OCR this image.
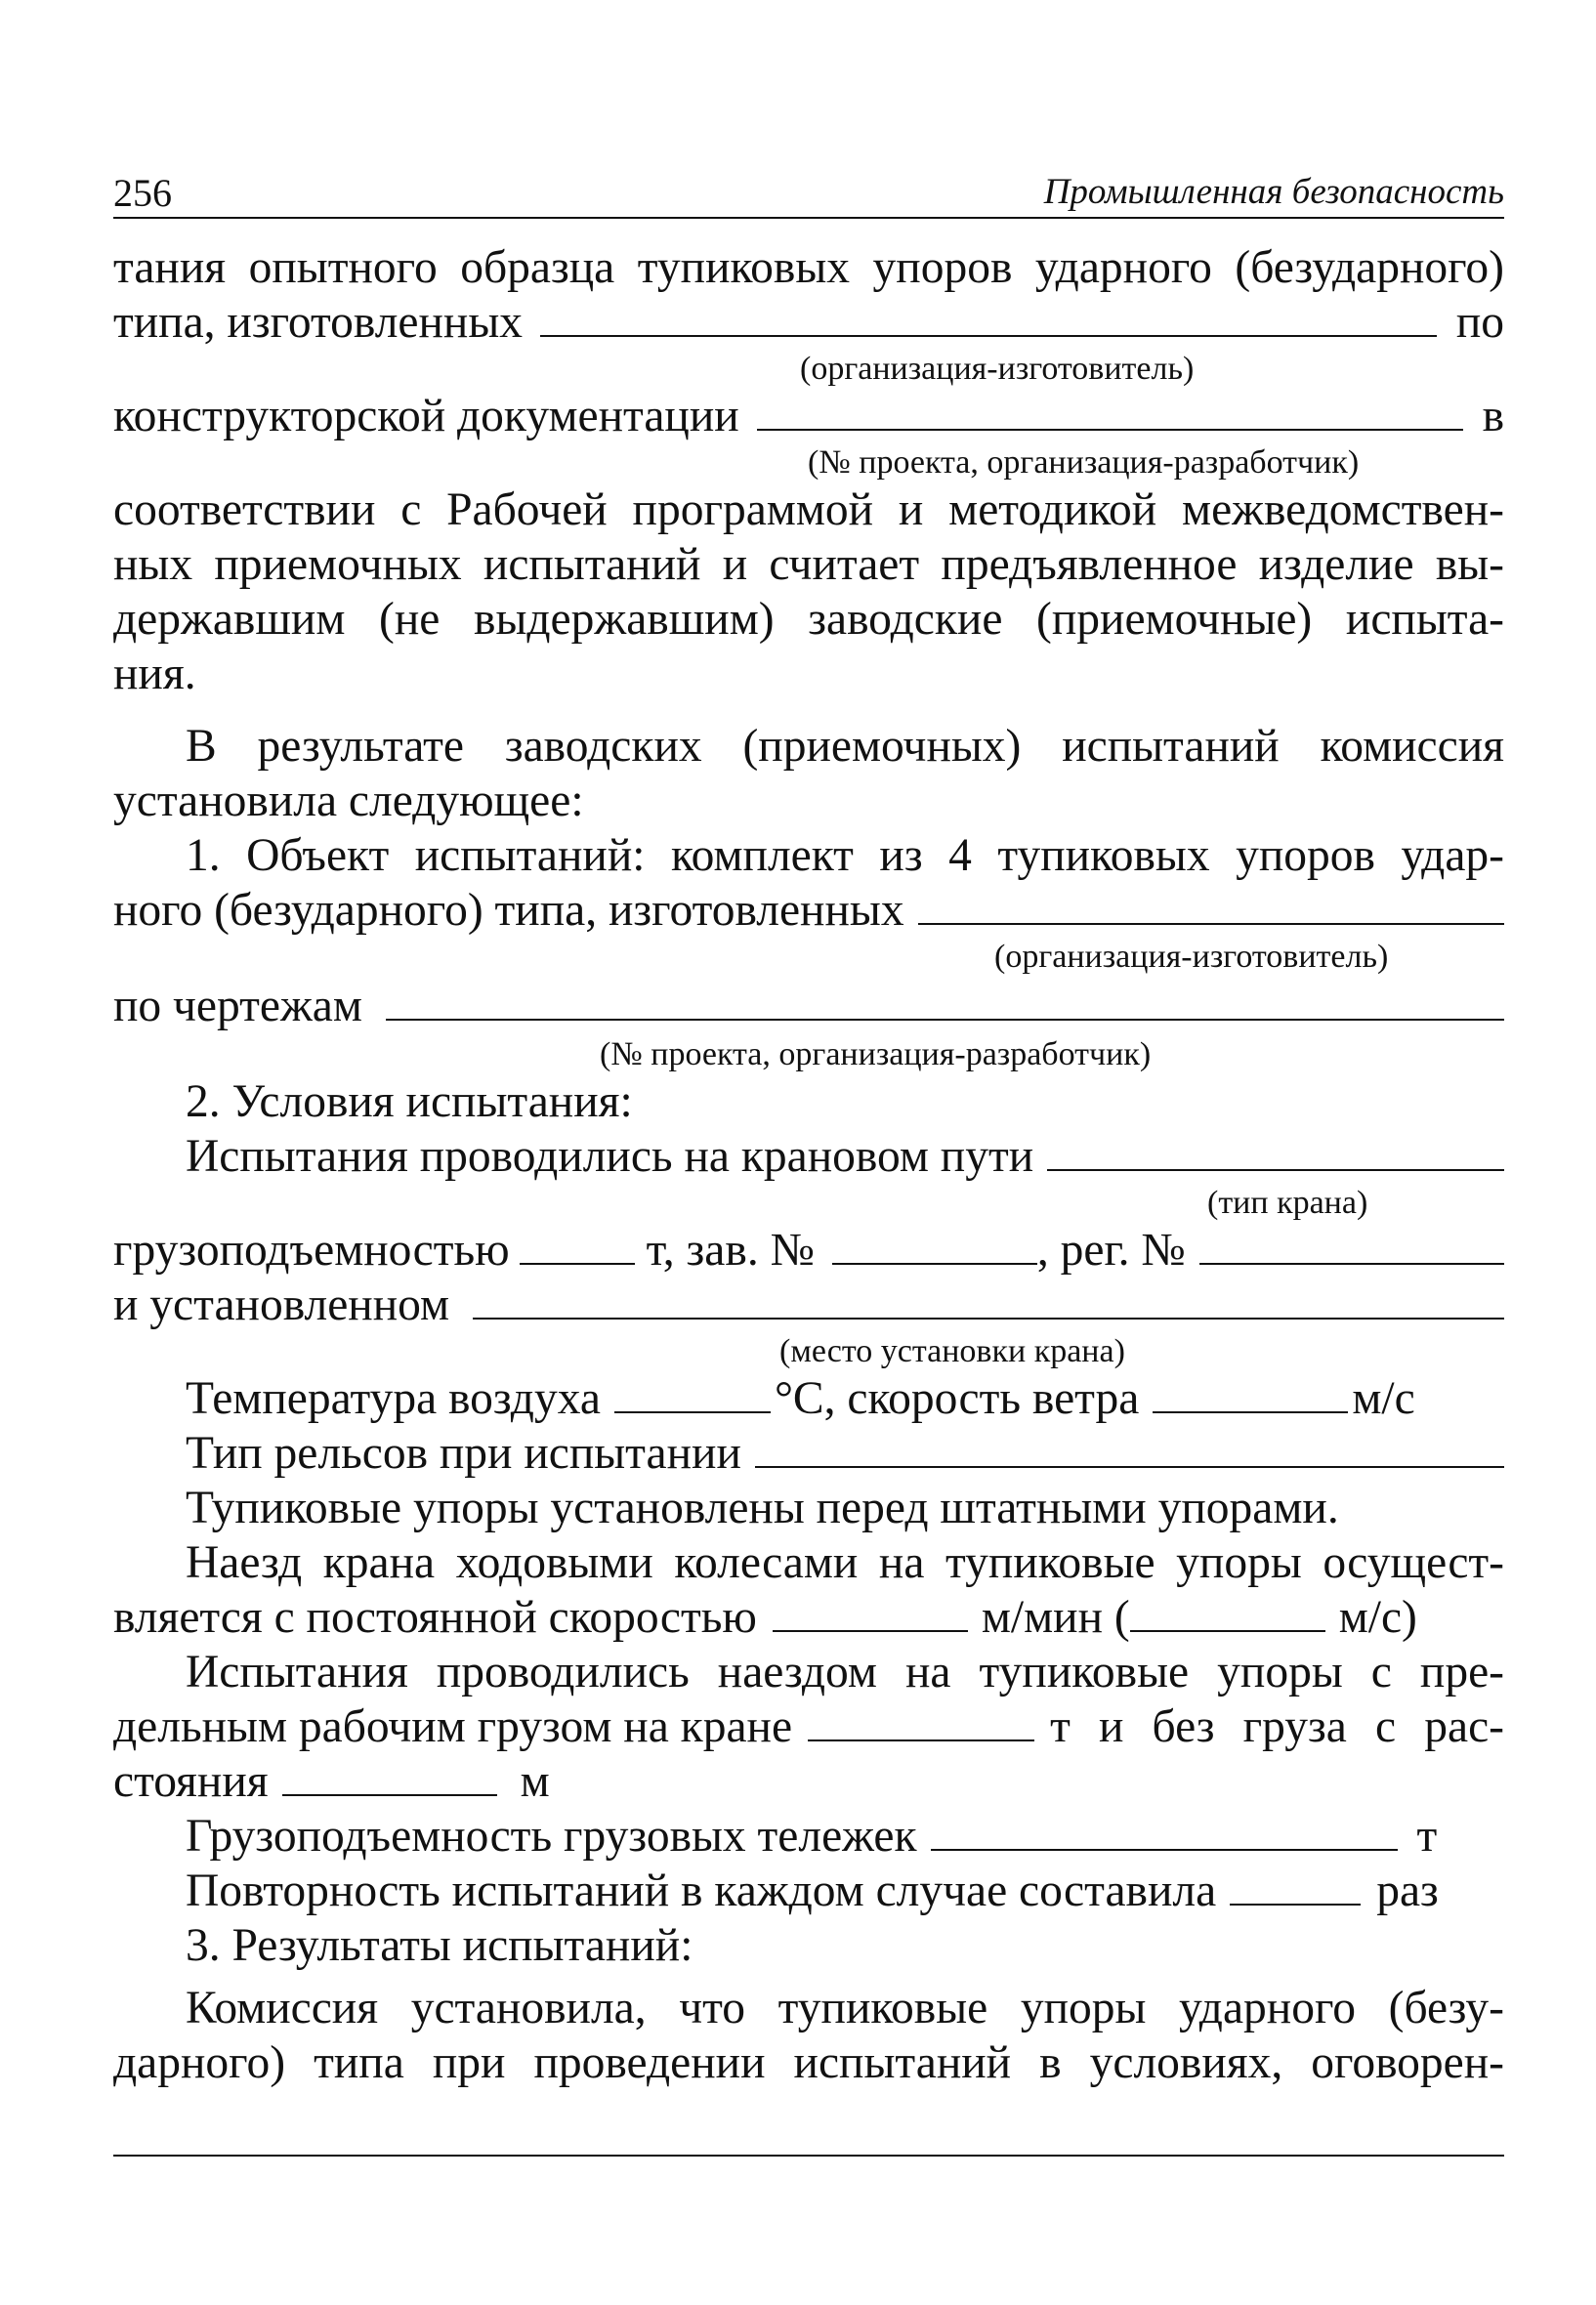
256	Промышленная безопасность
тания опытного образца тупиковых упоров ударного (безударного)
типа, изготовленных	по
(организация-изготовитель)
конструкторской документации	в
(№ проекта, организация-разработчик)
соответствии с Рабочей программой и методикой межведомствен-
ных приемочных испытаний и считает предъявленное изделие вы-
державшим (не выдержавшим) заводские (приемочные) испыта-
ния.
В результате заводских (приемочных) испытаний комиссия
установила следующее:
1. Объект испытаний: комплект из 4 тупиковых упоров удар-
ного (безударного) типа, изготовленных
(организация-изготовитель)
по чертежам
(№ проекта, организация-разработчик)
2. Условия испытания:
Испытания проводились на крановом пути
(тип крана)
грузоподъемностью	т, зав. №	, рег. №
и установленном
(место установки крана)
Температура воздуха	°С, скорость ветра	м/с
Тип рельсов при испытании
Тупиковые упоры установлены перед штатными упорами.
Наезд крана ходовыми колесами на тупиковые упоры осущест-
вляется с постоянной скоростью	м/мин (	м/с)
Испытания проводились наездом на тупиковые упоры с пре-
дельным рабочим грузом на кране	т и без груза с рас-
стояния	м
Грузоподъемность грузовых тележек	т
Повторность испытаний в каждом случае составила	раз
3. Результаты испытаний:
Комиссия установила, что тупиковые упоры ударного (безу-
дарного) типа при проведении испытаний в условиях, оговорен-
